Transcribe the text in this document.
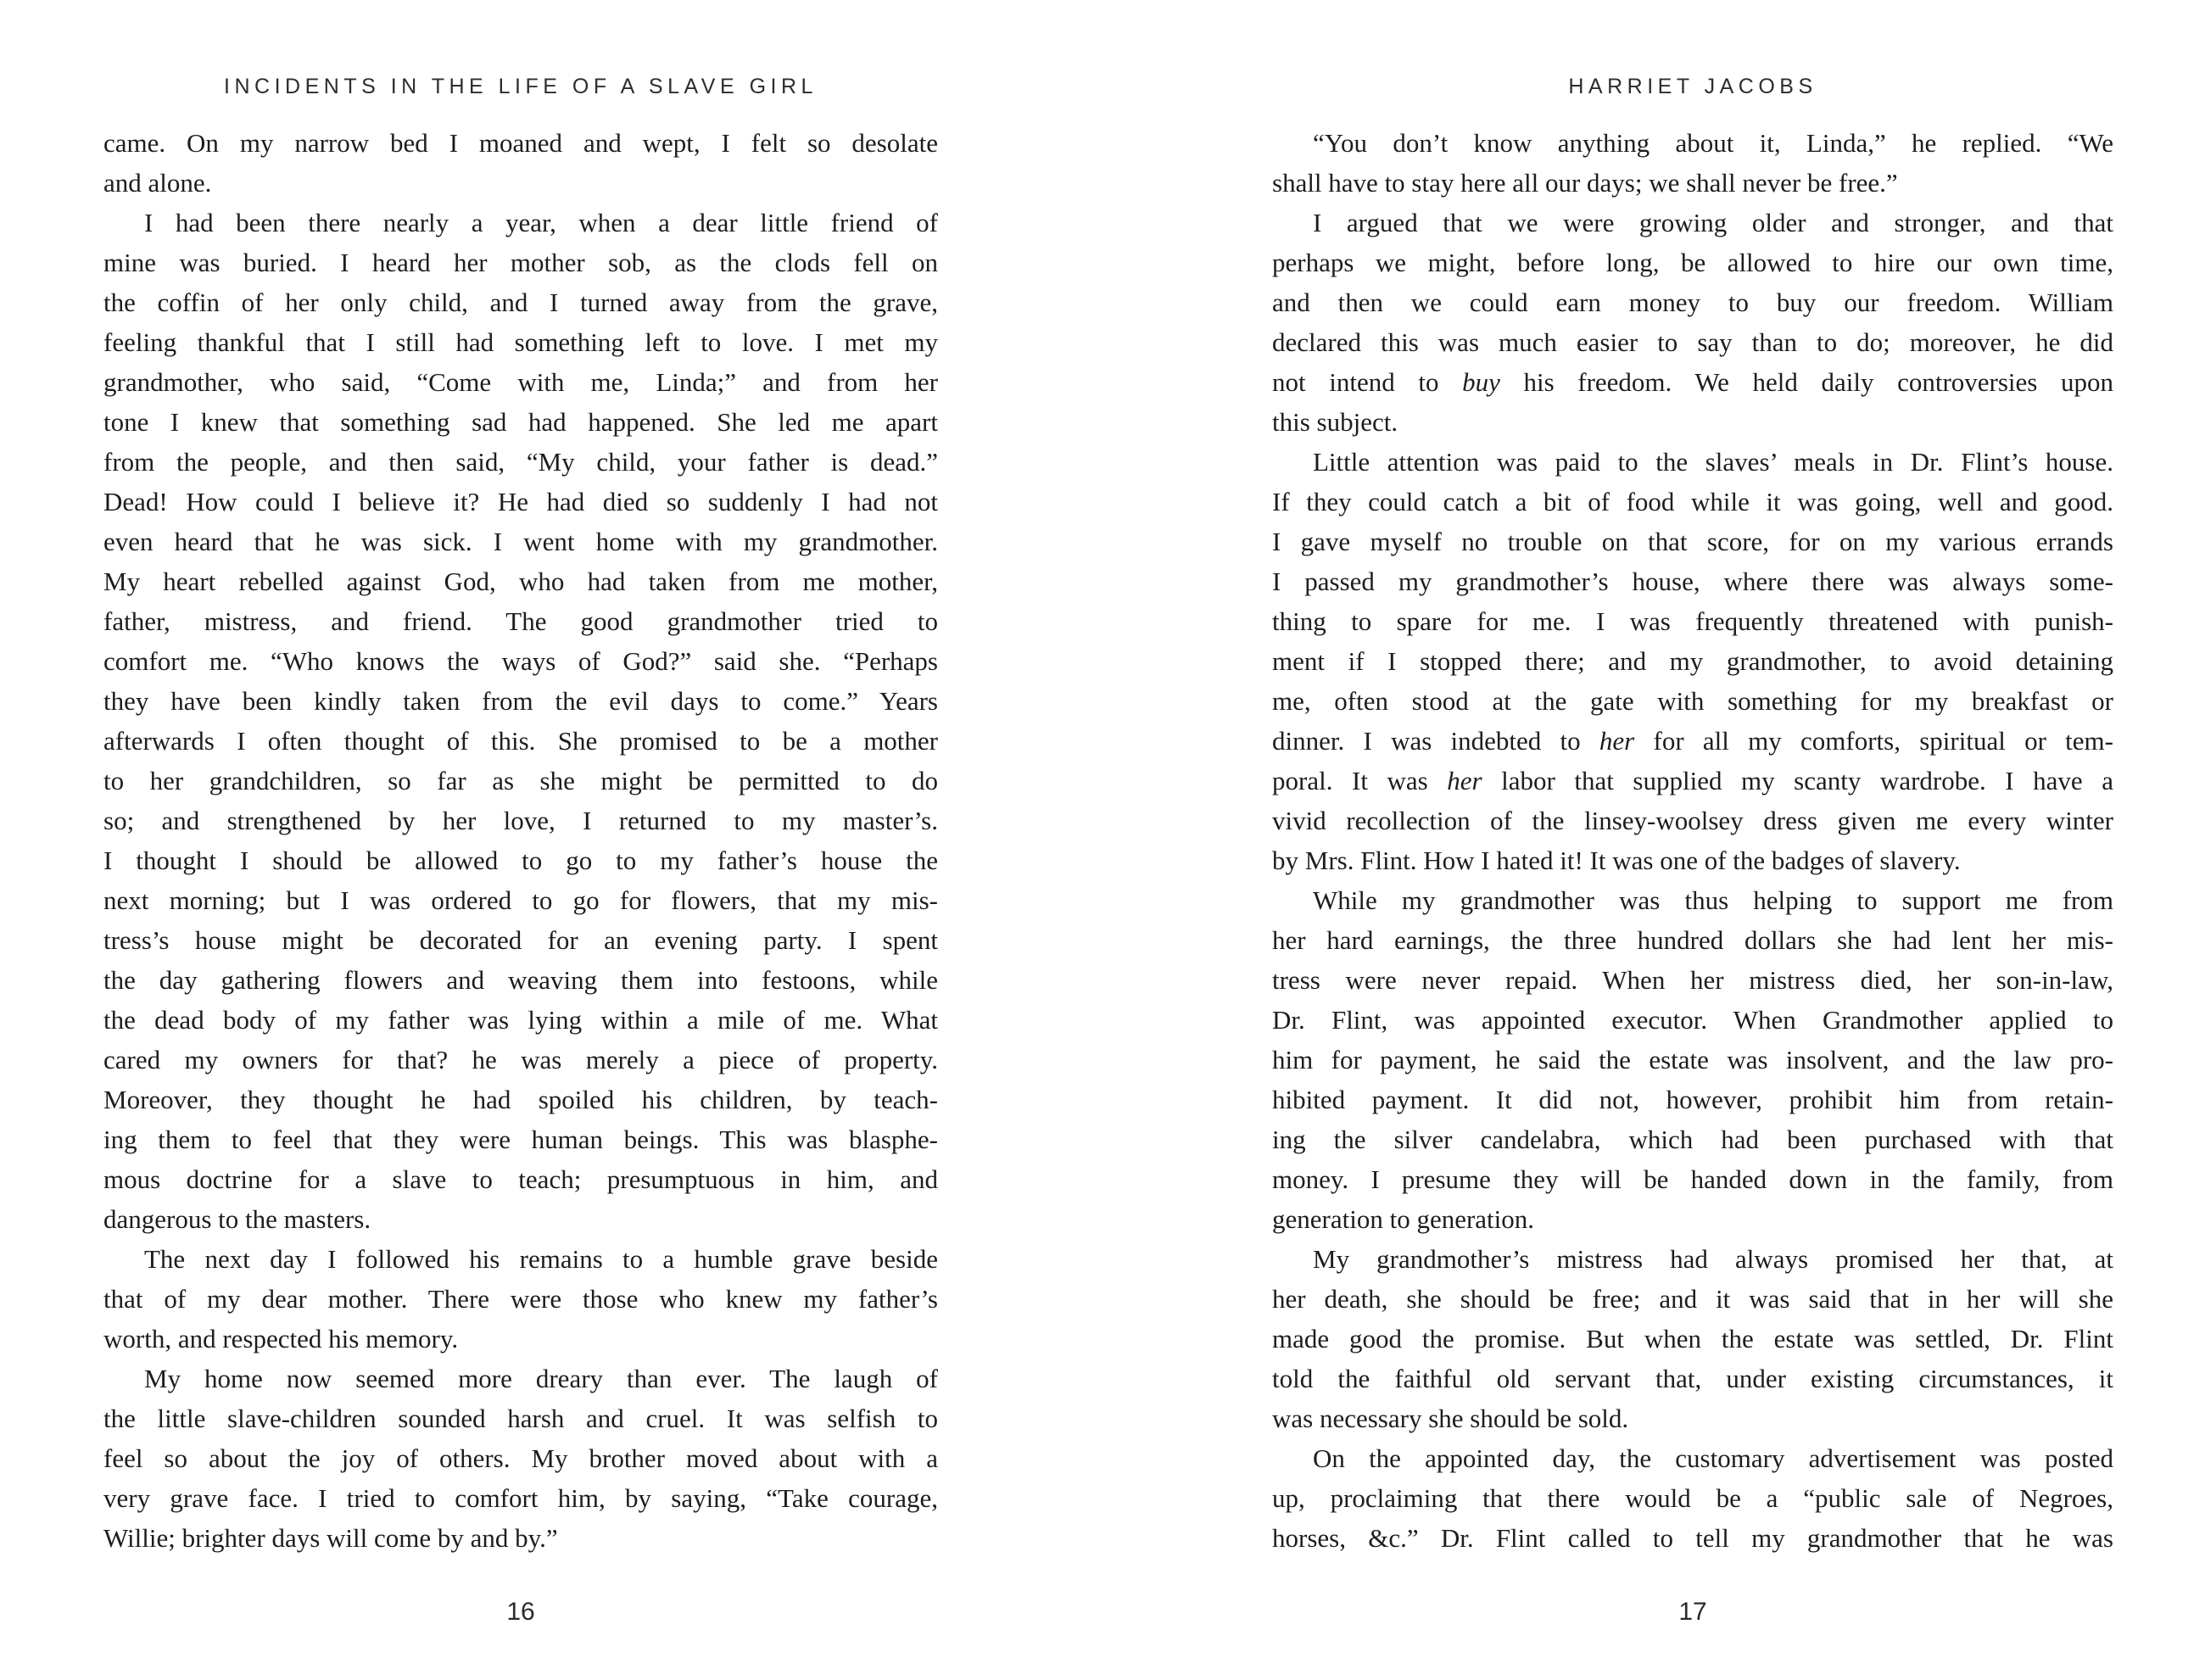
INCIDENTS IN THE LIFE OF A SLAVE GIRL
came. On my narrow bed I moaned and wept, I felt so desolate
and alone.
I had been there nearly a year, when a dear little friend of
mine was buried. I heard her mother sob, as the clods fell on
the coffin of her only child, and I turned away from the grave,
feeling thankful that I still had something left to love. I met my
grandmother, who said, “Come with me, Linda;” and from her
tone I knew that something sad had happened. She led me apart
from the people, and then said, “My child, your father is dead.”
Dead! How could I believe it? He had died so suddenly I had not
even heard that he was sick. I went home with my grandmother.
My heart rebelled against God, who had taken from me mother,
father, mistress, and friend. The good grandmother tried to
comfort me. “Who knows the ways of God?” said she. “Perhaps
they have been kindly taken from the evil days to come.” Years
afterwards I often thought of this. She promised to be a mother
to her grandchildren, so far as she might be permitted to do
so; and strengthened by her love, I returned to my master’s.
I thought I should be allowed to go to my father’s house the
next morning; but I was ordered to go for flowers, that my mis-
tress’s house might be decorated for an evening party. I spent
the day gathering flowers and weaving them into festoons, while
the dead body of my father was lying within a mile of me. What
cared my owners for that? he was merely a piece of property.
Moreover, they thought he had spoiled his children, by teach-
ing them to feel that they were human beings. This was blasphe-
mous doctrine for a slave to teach; presumptuous in him, and
dangerous to the masters.
The next day I followed his remains to a humble grave beside
that of my dear mother. There were those who knew my father’s
worth, and respected his memory.
My home now seemed more dreary than ever. The laugh of
the little slave-children sounded harsh and cruel. It was selfish to
feel so about the joy of others. My brother moved about with a
very grave face. I tried to comfort him, by saying, “Take courage,
Willie; brighter days will come by and by.”
16
HARRIET JACOBS
“You don’t know anything about it, Linda,” he replied. “We
shall have to stay here all our days; we shall never be free.”
I argued that we were growing older and stronger, and that
perhaps we might, before long, be allowed to hire our own time,
and then we could earn money to buy our freedom. William
declared this was much easier to say than to do; moreover, he did
not intend to buy his freedom. We held daily controversies upon
this subject.
Little attention was paid to the slaves’ meals in Dr. Flint’s house.
If they could catch a bit of food while it was going, well and good.
I gave myself no trouble on that score, for on my various errands
I passed my grandmother’s house, where there was always some-
thing to spare for me. I was frequently threatened with punish-
ment if I stopped there; and my grandmother, to avoid detaining
me, often stood at the gate with something for my breakfast or
dinner. I was indebted to her for all my comforts, spiritual or tem-
poral. It was her labor that supplied my scanty wardrobe. I have a
vivid recollection of the linsey-woolsey dress given me every winter
by Mrs. Flint. How I hated it! It was one of the badges of slavery.
While my grandmother was thus helping to support me from
her hard earnings, the three hundred dollars she had lent her mis-
tress were never repaid. When her mistress died, her son-in-law,
Dr. Flint, was appointed executor. When Grandmother applied to
him for payment, he said the estate was insolvent, and the law pro-
hibited payment. It did not, however, prohibit him from retain-
ing the silver candelabra, which had been purchased with that
money. I presume they will be handed down in the family, from
generation to generation.
My grandmother’s mistress had always promised her that, at
her death, she should be free; and it was said that in her will she
made good the promise. But when the estate was settled, Dr. Flint
told the faithful old servant that, under existing circumstances, it
was necessary she should be sold.
On the appointed day, the customary advertisement was posted
up, proclaiming that there would be a “public sale of Negroes,
horses, &c.” Dr. Flint called to tell my grandmother that he was
17
